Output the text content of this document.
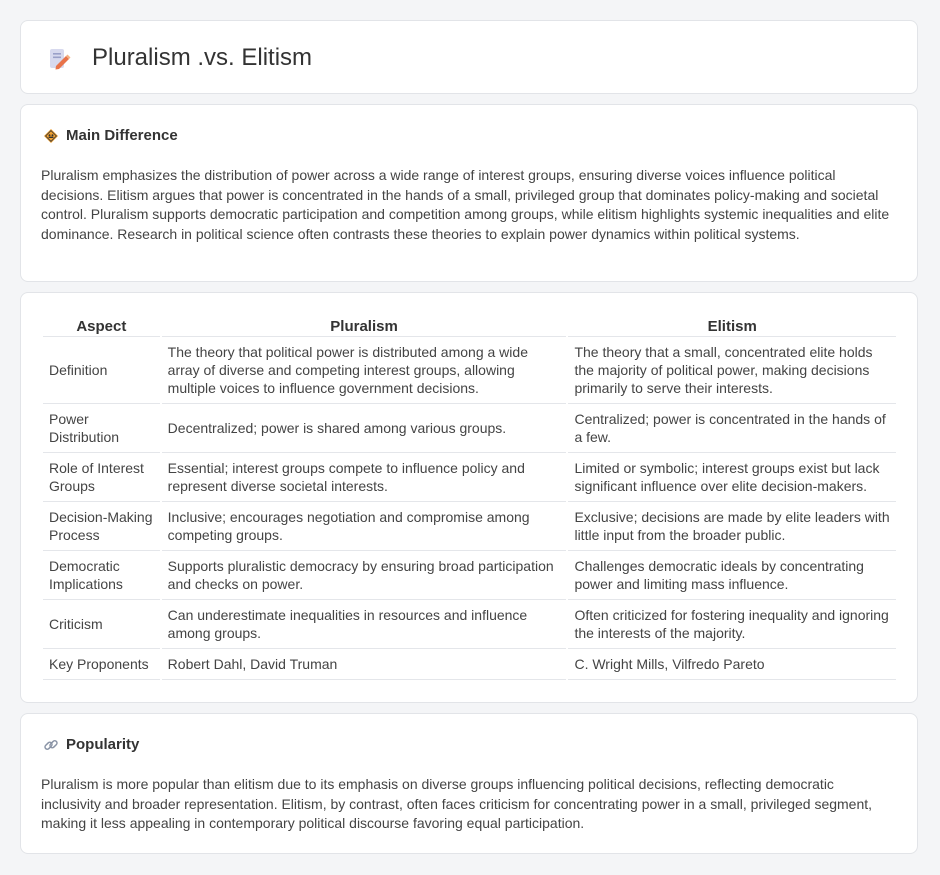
Pluralism .vs. Elitism
Main Difference

Pluralism emphasizes the distribution of power across a wide range of interest groups, ensuring diverse voices influence political decisions. Elitism argues that power is concentrated in the hands of a small, privileged group that dominates policy-making and societal control. Pluralism supports democratic participation and competition among groups, while elitism highlights systemic inequalities and elite dominance. Research in political science often contrasts these theories to explain power dynamics within political systems.

Aspect	Pluralism	Elitism
Definition	The theory that political power is distributed among a wide array of diverse and competing interest groups, allowing multiple voices to influence government decisions.	The theory that a small, concentrated elite holds the majority of political power, making decisions primarily to serve their interests.
Power Distribution	Decentralized; power is shared among various groups.	Centralized; power is concentrated in the hands of a few.
Role of Interest Groups	Essential; interest groups compete to influence policy and represent diverse societal interests.	Limited or symbolic; interest groups exist but lack significant influence over elite decision-makers.
Decision-Making Process	Inclusive; encourages negotiation and compromise among competing groups.	Exclusive; decisions are made by elite leaders with little input from the broader public.
Democratic Implications	Supports pluralistic democracy by ensuring broad participation and checks on power.	Challenges democratic ideals by concentrating power and limiting mass influence.
Criticism	Can underestimate inequalities in resources and influence among groups.	Often criticized for fostering inequality and ignoring the interests of the majority.
Key Proponents	Robert Dahl, David Truman	C. Wright Mills, Vilfredo Pareto
Popularity

Pluralism is more popular than elitism due to its emphasis on diverse groups influencing political decisions, reflecting democratic inclusivity and broader representation. Elitism, by contrast, often faces criticism for concentrating power in a small, privileged segment, making it less appealing in contemporary political discourse favoring equal participation.
